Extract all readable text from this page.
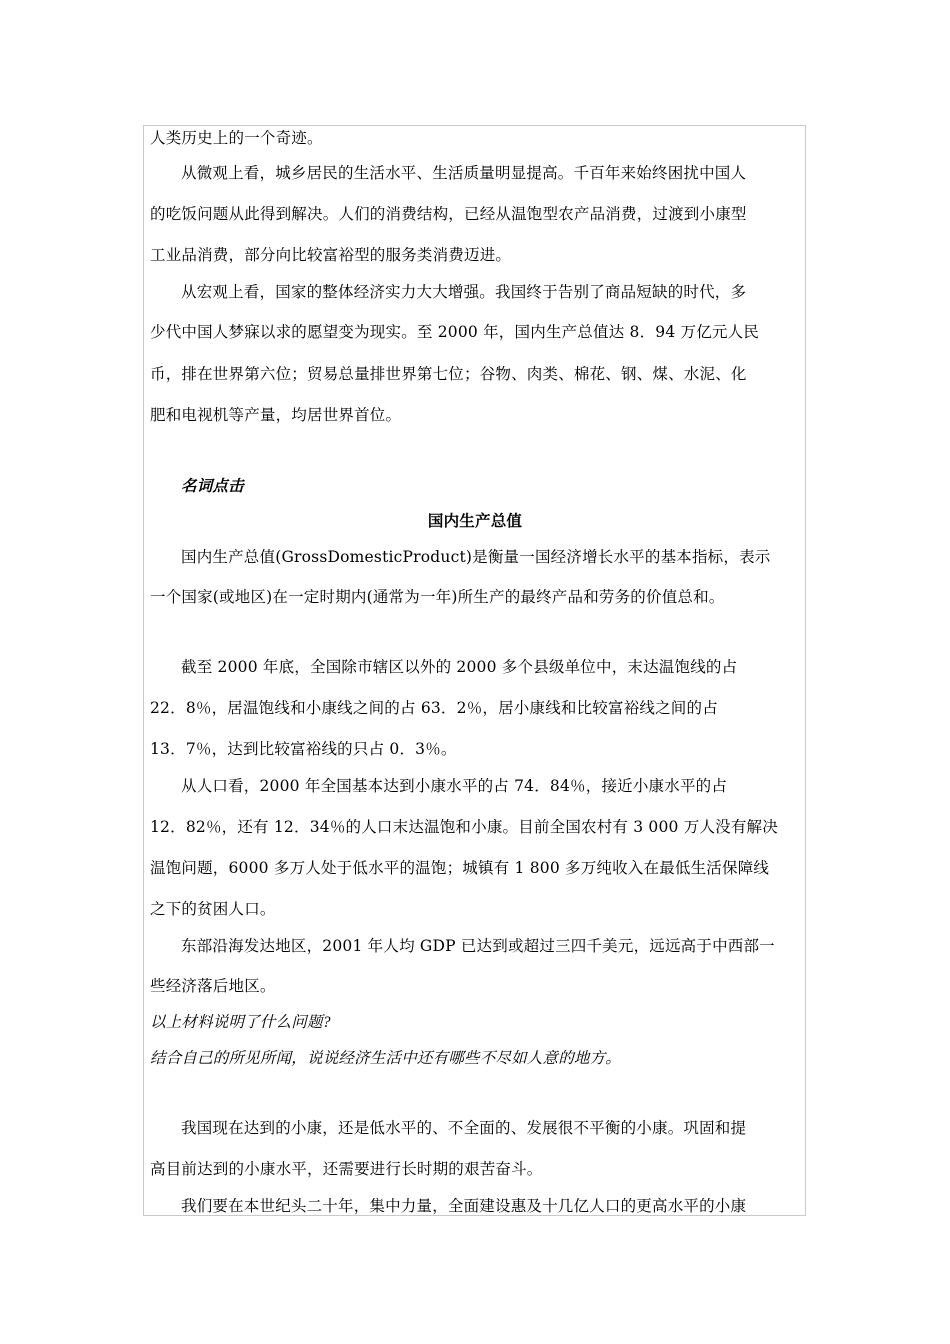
人类历史上的一个奇迹。
从微观上看，城乡居民的生活水平、生活质量明显提高。千百年来始终困扰中国人
的吃饭问题从此得到解决。人们的消费结构，已经从温饱型农产品消费，过渡到小康型
工业品消费，部分向比较富裕型的服务类消费迈进。
从宏观上看，国家的整体经济实力大大增强。我国终于告别了商品短缺的时代，多
少代中国人梦寐以求的愿望变为现实。至 2000 年，国内生产总值达 8．94 万亿元人民
币，排在世界第六位；贸易总量排世界第七位；谷物、肉类、棉花、钢、煤、水泥、化
肥和电视机等产量，均居世界首位。
名词点击
国内生产总值
国内生产总值(GrossDomesticProduct)是衡量一国经济增长水平的基本指标，表示
一个国家(或地区)在一定时期内(通常为一年)所生产的最终产品和劳务的价值总和。
截至 2000 年底，全国除市辖区以外的 2000 多个县级单位中，末达温饱线的占
22．8％，居温饱线和小康线之间的占 63．2％，居小康线和比较富裕线之间的占
13．7％，达到比较富裕线的只占 0．3％。
从人口看，2000 年全国基本达到小康水平的占 74．84％，接近小康水平的占
12．82％，还有 12．34％的人口末达温饱和小康。目前全国农村有 3 000 万人没有解决
温饱问题，6000 多万人处于低水平的温饱；城镇有 1 800 多万纯收入在最低生活保障线
之下的贫困人口。
东部沿海发达地区，2001 年人均 GDP 已达到或超过三四千美元，远远高于中西部一
些经济落后地区。
以上材料说明了什么问题?
结合自己的所见所闻，说说经济生活中还有哪些不尽如人意的地方。
我国现在达到的小康，还是低水平的、不全面的、发展很不平衡的小康。巩固和提
高目前达到的小康水平，还需要进行长时期的艰苦奋斗。
我们要在本世纪头二十年，集中力量，全面建设惠及十几亿人口的更高水平的小康
